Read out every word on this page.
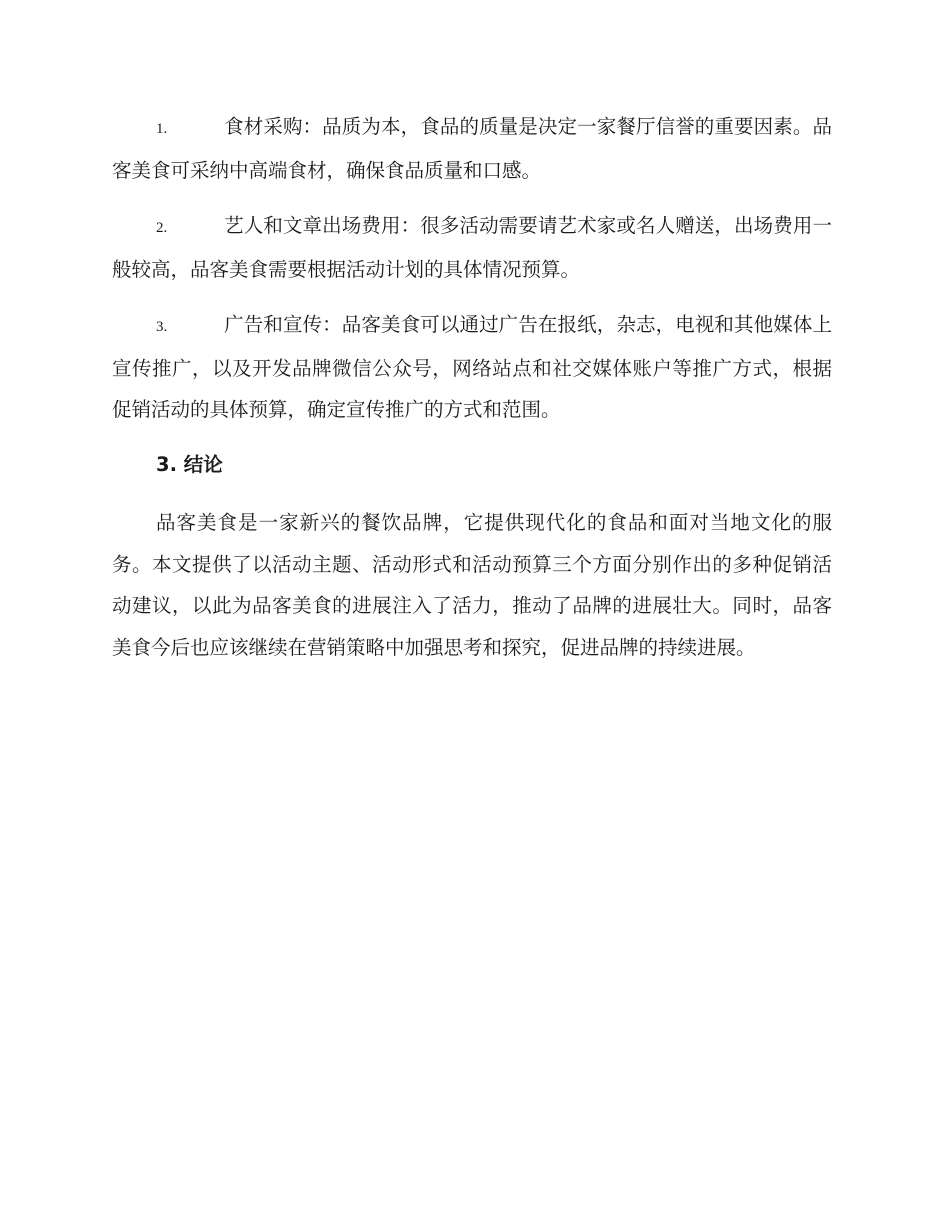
1.	食材采购：品质为本，食品的质量是决定一家餐厅信誉的重要因素。品客美食可采纳中高端食材，确保食品质量和口感。

2.	艺人和文章出场费用：很多活动需要请艺术家或名人赠送，出场费用一般较高，品客美食需要根据活动计划的具体情况预算。

3.	广告和宣传：品客美食可以通过广告在报纸，杂志，电视和其他媒体上宣传推广，以及开发品牌微信公众号，网络站点和社交媒体账户等推广方式，根据促销活动的具体预算，确定宣传推广的方式和范围。

3. 结论

品客美食是一家新兴的餐饮品牌，它提供现代化的食品和面对当地文化的服务。本文提供了以活动主题、活动形式和活动预算三个方面分别作出的多种促销活动建议，以此为品客美食的进展注入了活力，推动了品牌的进展壮大。同时，品客美食今后也应该继续在营销策略中加强思考和探究，促进品牌的持续进展。
